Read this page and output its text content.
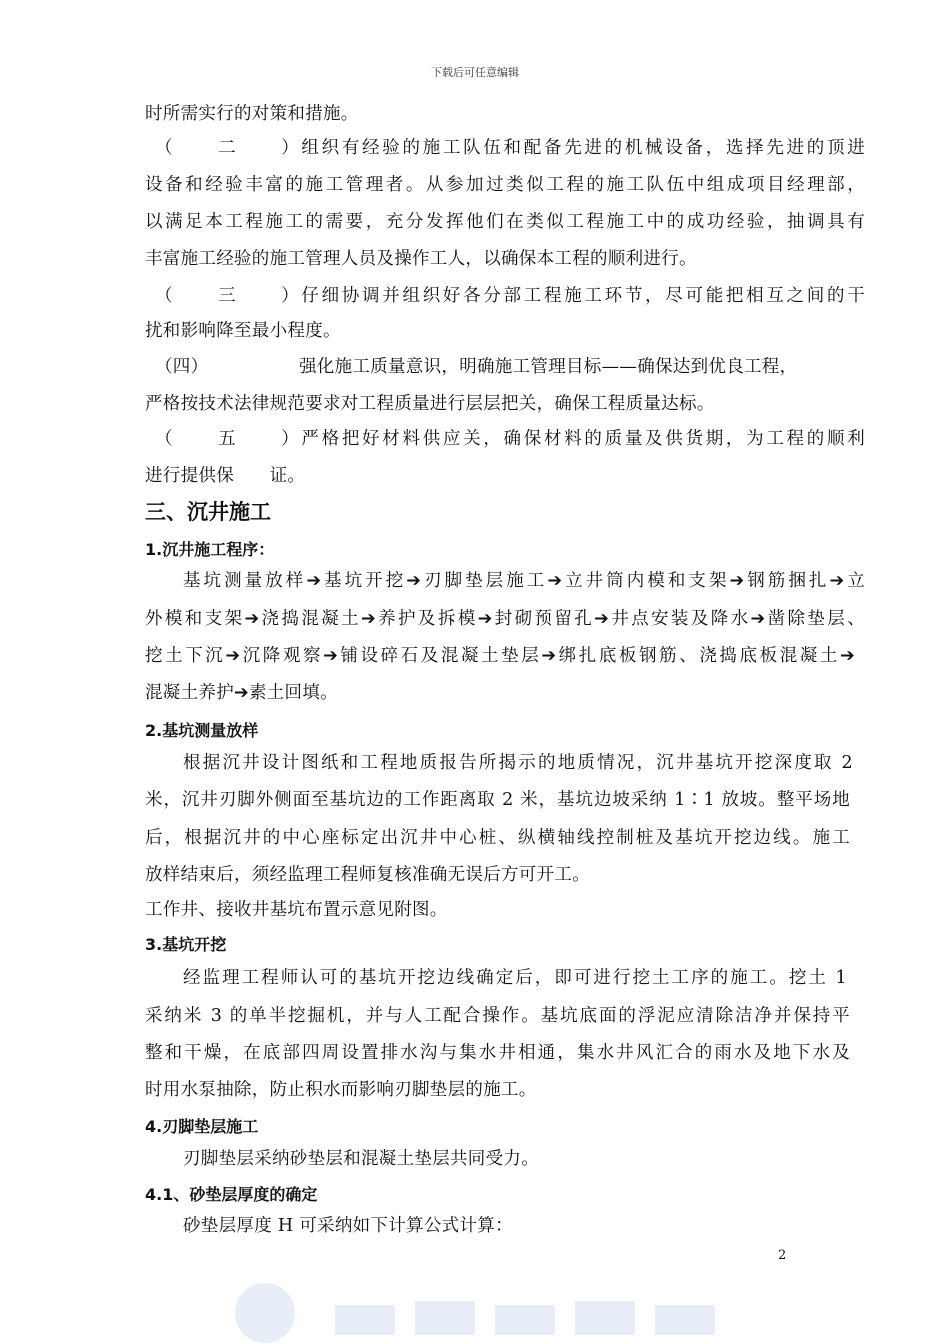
下载后可任意编辑
时所需实行的对策和措施。
（二）组织有经验的施工队伍和配备先进的机械设备，选择先进的顶进
设备和经验丰富的施工管理者。从参加过类似工程的施工队伍中组成项目经理部，
以满足本工程施工的需要，充分发挥他们在类似工程施工中的成功经验，抽调具有
丰富施工经验的施工管理人员及操作工人，以确保本工程的顺利进行。
（三）仔细协调并组织好各分部工程施工环节，尽可能把相互之间的干
扰和影响降至最小程度。
（四）	强化施工质量意识，明确施工管理目标——确保达到优良工程，
严格按技术法律规范要求对工程质量进行层层把关，确保工程质量达标。
（五）严格把好材料供应关，确保材料的质量及供货期，为工程的顺利
进行提供保　　证。
三、沉井施工
1.沉井施工程序：
基坑测量放样➔基坑开挖➔刃脚垫层施工➔立井筒内模和支架➔钢筋捆扎➔立
外模和支架➔浇捣混凝土➔养护及拆模➔封砌预留孔➔井点安装及降水➔凿除垫层、
挖土下沉➔沉降观察➔铺设碎石及混凝土垫层➔绑扎底板钢筋、浇捣底板混凝土➔
混凝土养护➔素土回填。
2.基坑测量放样
根据沉井设计图纸和工程地质报告所揭示的地质情况，沉井基坑开挖深度取 2
米，沉井刃脚外侧面至基坑边的工作距离取 2 米，基坑边坡采纳 1∶1 放坡。整平场地
后，根据沉井的中心座标定出沉井中心桩、纵横轴线控制桩及基坑开挖边线。施工
放样结束后，须经监理工程师复核准确无误后方可开工。
工作井、接收井基坑布置示意见附图。
3.基坑开挖
经监理工程师认可的基坑开挖边线确定后，即可进行挖土工序的施工。挖土 1
采纳米 3 的单半挖掘机，并与人工配合操作。基坑底面的浮泥应清除洁净并保持平
整和干燥，在底部四周设置排水沟与集水井相通，集水井风汇合的雨水及地下水及
时用水泵抽除，防止积水而影响刃脚垫层的施工。
4.刃脚垫层施工
刃脚垫层采纳砂垫层和混凝土垫层共同受力。
4.1、砂垫层厚度的确定
砂垫层厚度 H 可采纳如下计算公式计算：
2
